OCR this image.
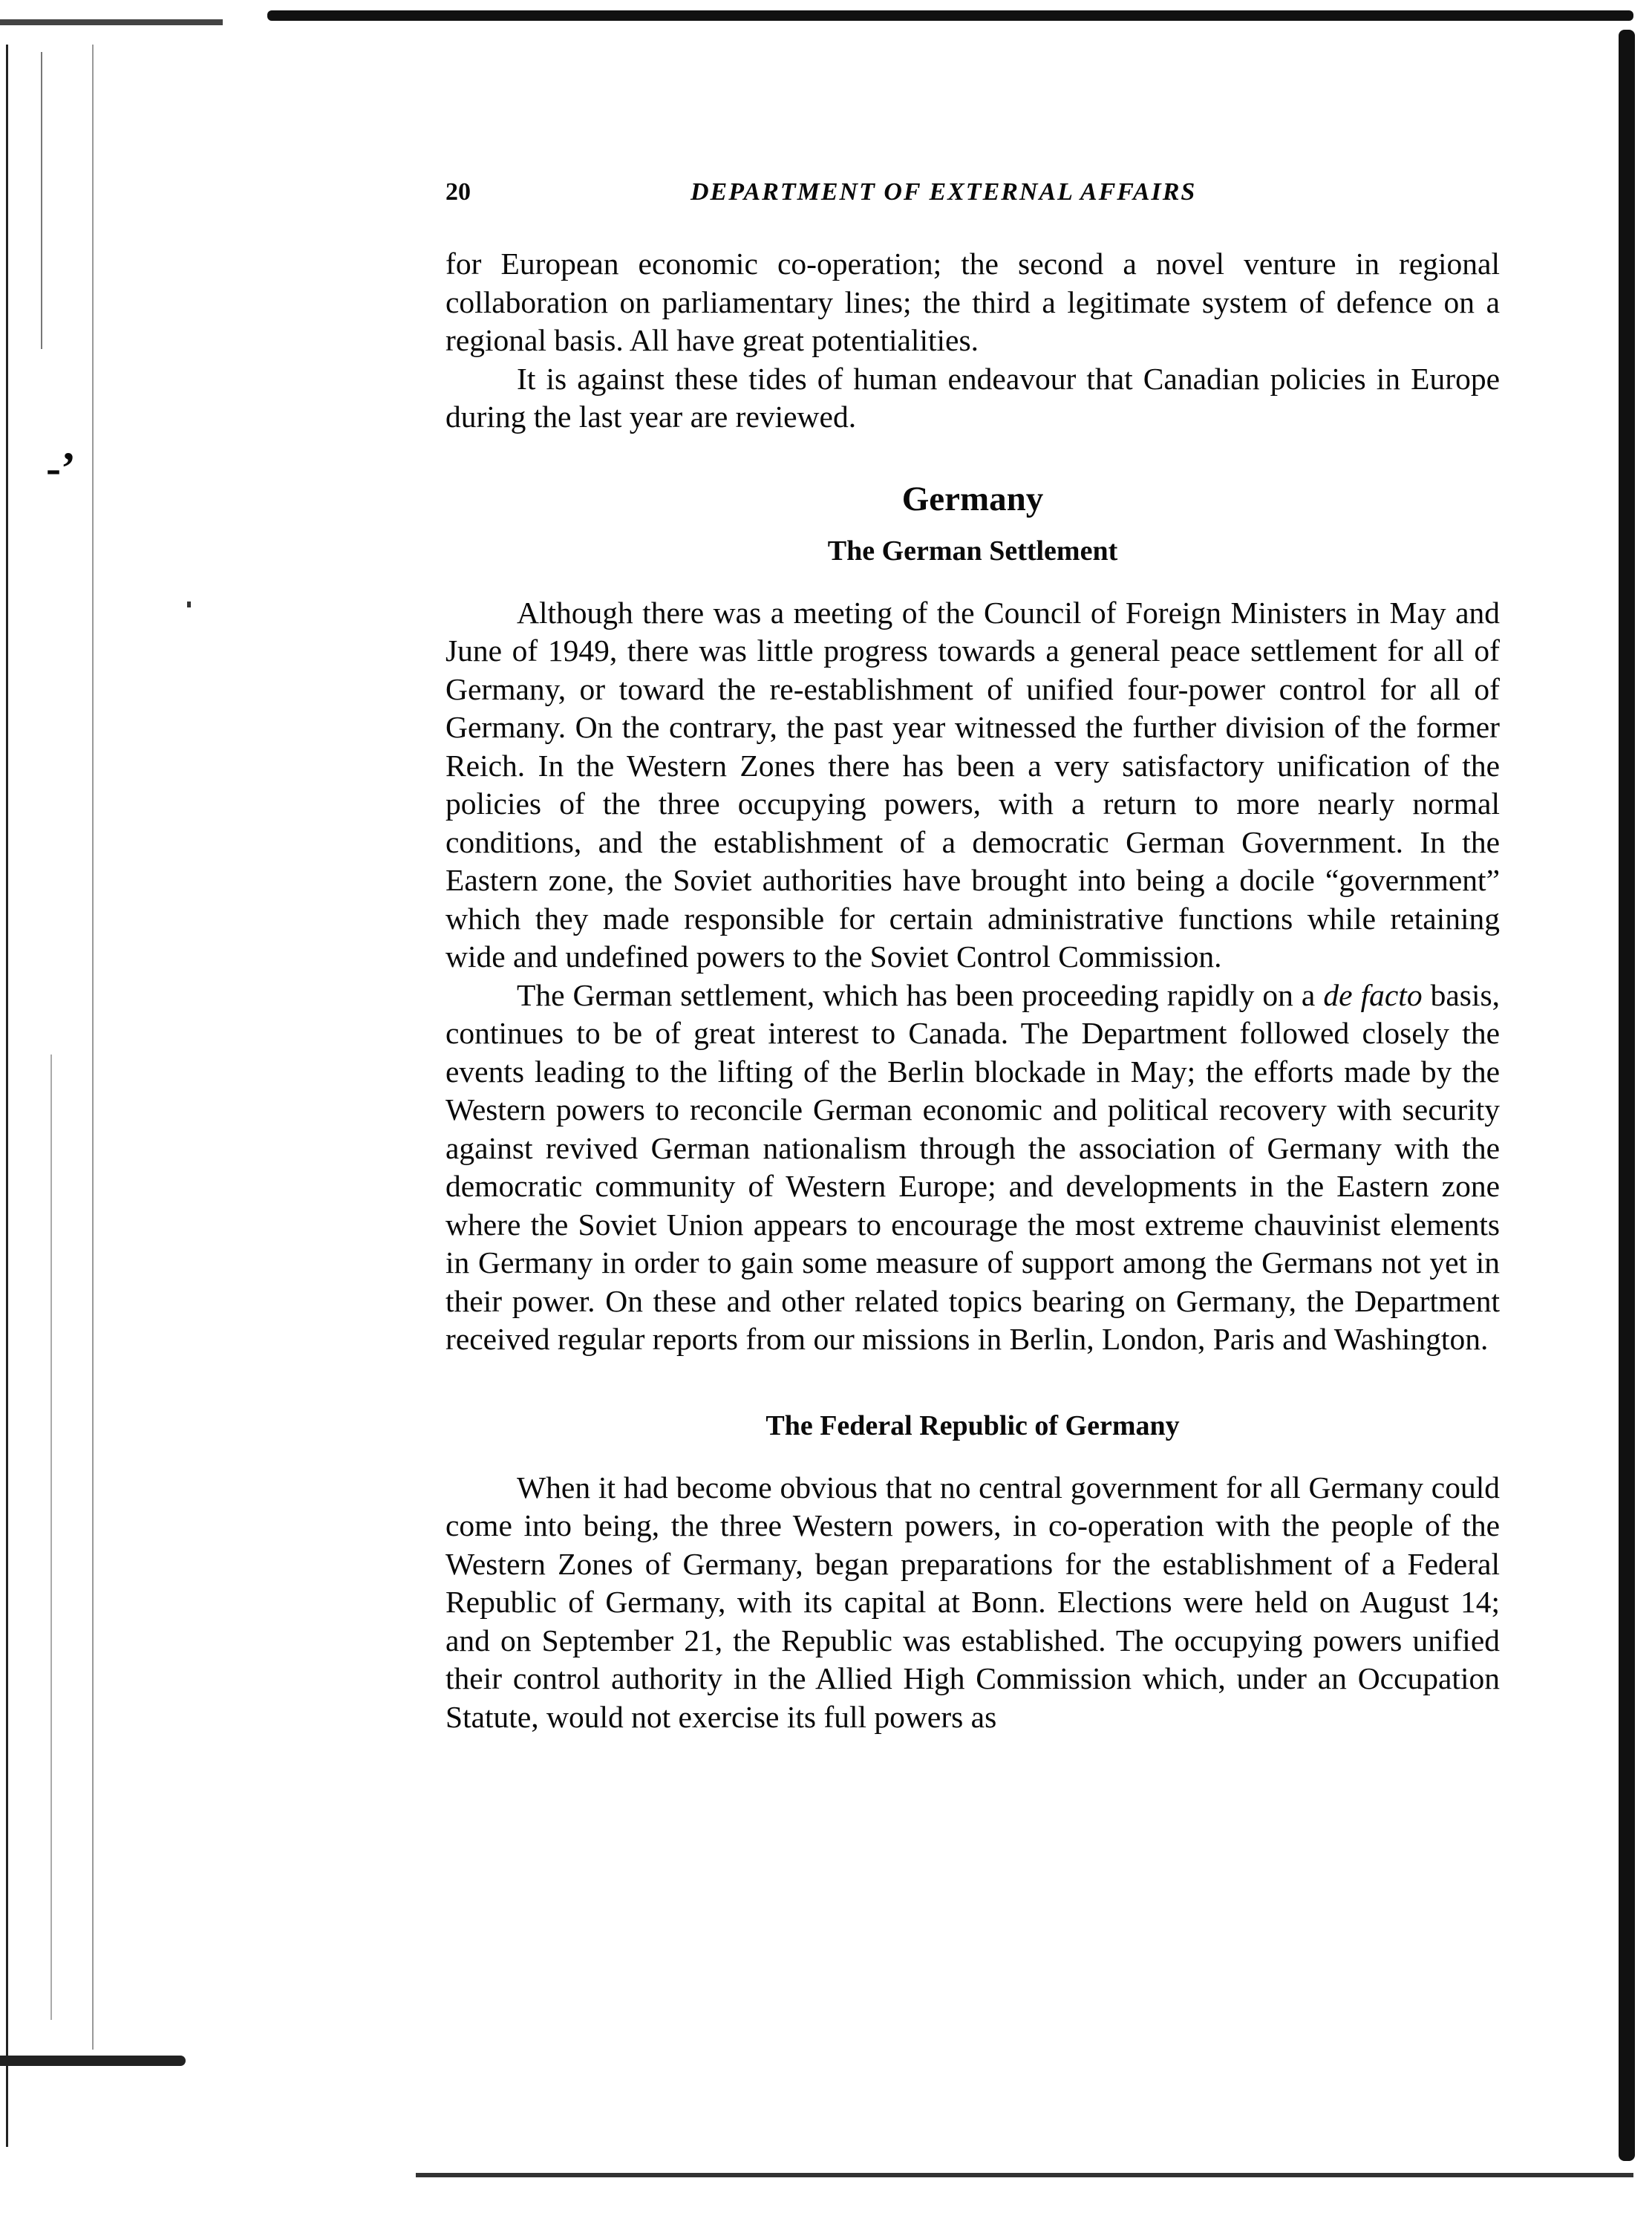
-’
20	DEPARTMENT OF EXTERNAL AFFAIRS

for European economic co-operation; the second a novel venture in regional collaboration on parliamentary lines; the third a legitimate system of defence on a regional basis. All have great potentialities.

It is against these tides of human endeavour that Canadian policies in Europe during the last year are reviewed.

Germany
The German Settlement

Although there was a meeting of the Council of Foreign Ministers in May and June of 1949, there was little progress towards a general peace settlement for all of Germany, or toward the re-establishment of unified four-power control for all of Germany. On the contrary, the past year witnessed the further division of the former Reich. In the Western Zones there has been a very satisfactory unification of the policies of the three occupying powers, with a return to more nearly normal conditions, and the establishment of a democratic German Government. In the Eastern zone, the Soviet authorities have brought into being a docile “government” which they made responsible for certain administrative functions while retaining wide and undefined powers to the Soviet Control Commission.

The German settlement, which has been proceeding rapidly on a de facto basis, continues to be of great interest to Canada. The Department followed closely the events leading to the lifting of the Berlin blockade in May; the efforts made by the Western powers to reconcile German economic and political recovery with security against revived German nationalism through the association of Germany with the democratic community of Western Europe; and developments in the Eastern zone where the Soviet Union appears to encourage the most extreme chauvinist elements in Germany in order to gain some measure of support among the Germans not yet in their power. On these and other related topics bearing on Germany, the Department received regular reports from our missions in Berlin, London, Paris and Washington.

The Federal Republic of Germany

When it had become obvious that no central government for all Germany could come into being, the three Western powers, in co-operation with the people of the Western Zones of Germany, began preparations for the establishment of a Federal Republic of Germany, with its capital at Bonn. Elections were held on August 14; and on September 21, the Republic was established. The occupying powers unified their control authority in the Allied High Commission which, under an Occupation Statute, would not exercise its full powers as
